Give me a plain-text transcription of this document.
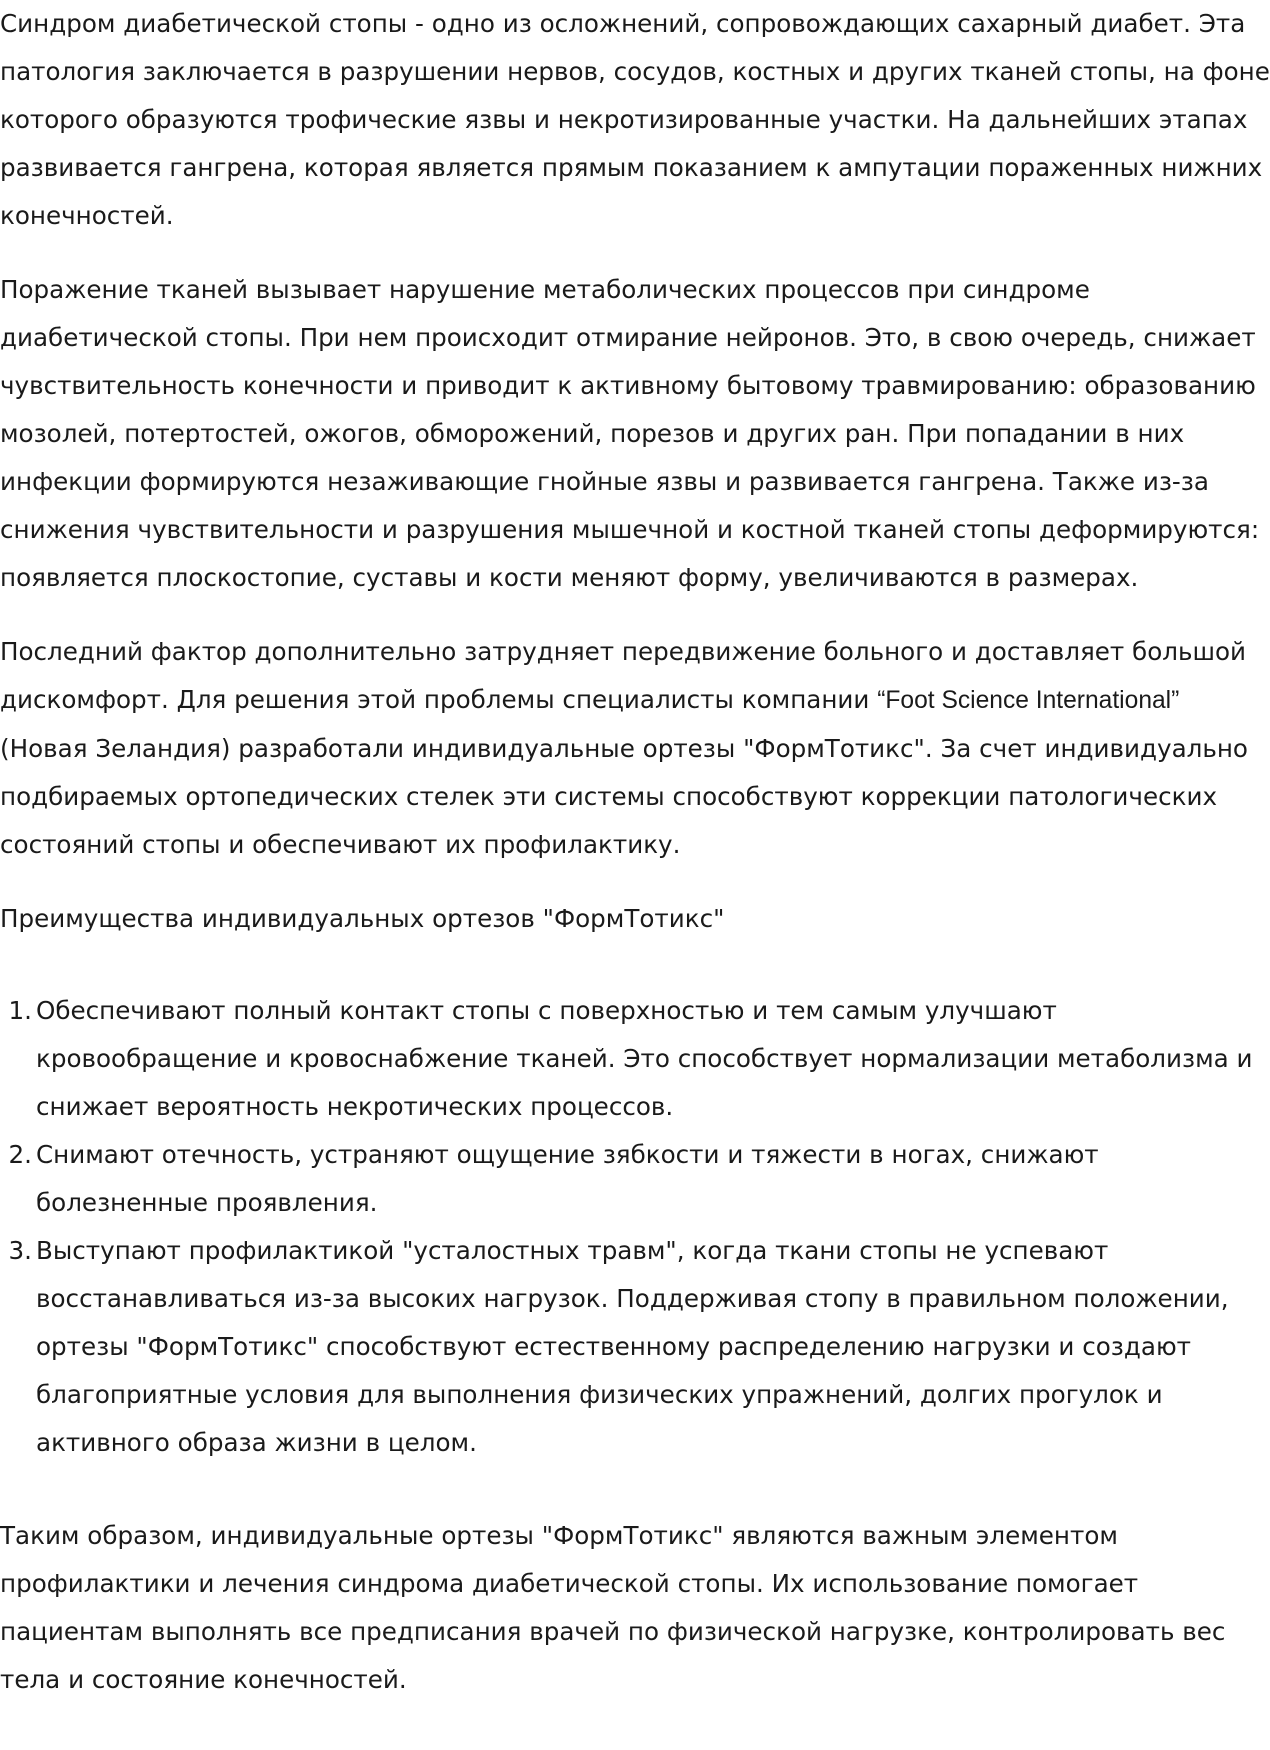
Синдром диабетической стопы - одно из осложнений, сопровождающих сахарный диабет. Эта патология заключается в разрушении нервов, сосудов, костных и других тканей стопы, на фоне которого образуются трофические язвы и некротизированные участки. На дальнейших этапах развивается гангрена, которая является прямым показанием к ампутации пораженных нижних конечностей.

Поражение тканей вызывает нарушение метаболических процессов при синдроме диабетической стопы. При нем происходит отмирание нейронов. Это, в свою очередь, снижает чувствительность конечности и приводит к активному бытовому травмированию: образованию мозолей, потертостей, ожогов, обморожений, порезов и других ран. При попадании в них инфекции формируются незаживающие гнойные язвы и развивается гангрена. Также из-за снижения чувствительности и разрушения мышечной и костной тканей стопы деформируются: появляется плоскостопие, суставы и кости меняют форму, увеличиваются в размерах.

Последний фактор дополнительно затрудняет передвижение больного и доставляет большой дискомфорт. Для решения этой проблемы специалисты компании “Foot Science International” (Новая Зеландия) разработали индивидуальные ортезы "ФормТотикс". За счет индивидуально подбираемых ортопедических стелек эти системы способствуют коррекции патологических состояний стопы и обеспечивают их профилактику.

Преимущества индивидуальных ортезов "ФормТотикс"

1. Обеспечивают полный контакт стопы с поверхностью и тем самым улучшают кровообращение и кровоснабжение тканей. Это способствует нормализации метаболизма и снижает вероятность некротических процессов.
2. Снимают отечность, устраняют ощущение зябкости и тяжести в ногах, снижают болезненные проявления.
3. Выступают профилактикой "усталостных травм", когда ткани стопы не успевают восстанавливаться из-за высоких нагрузок. Поддерживая стопу в правильном положении, ортезы "ФормТотикс" способствуют естественному распределению нагрузки и создают благоприятные условия для выполнения физических упражнений, долгих прогулок и активного образа жизни в целом.

Таким образом, индивидуальные ортезы "ФормТотикс" являются важным элементом профилактики и лечения синдрома диабетической стопы. Их использование помогает пациентам выполнять все предписания врачей по физической нагрузке, контролировать вес тела и состояние конечностей.
